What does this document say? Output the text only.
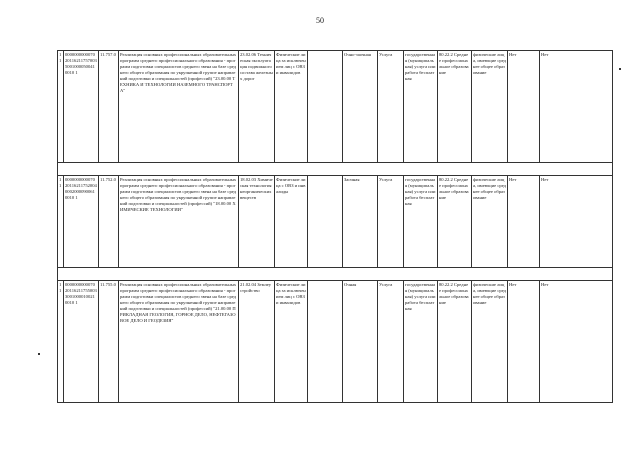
50
11	00000000000702011621175700350010000500410010 1	11.757.0	Реализация основных профессиональных образовательных программ среднего профессионального образования - программ подготовки специалистов среднего звена на базе среднего общего образования по укрупненной группе направлений подготовки и специальностей (профессий) "23.00.00 ТЕХНИКА И ТЕХНОЛОГИИ НАЗЕМНОГО ТРАНСПОРТА"	23.02.06 Техническая эксплуатация подвижного состава железных дорог	Физические лица за исключением лиц с ОВЗ и инвалидов		Очно-заочная	Услуга	государственная (муниципальная) услуга или работа бесплатная	80.22.2 Среднее профессиональное образование	физические лица, имеющие среднее общее образование	Нет	Нет

11	00000000000702011621175200400020000900610010 1	11.752.0	Реализация основных профессиональных образовательных программ среднего профессионального образования - программ подготовки специалистов среднего звена на базе среднего общего образования по укрупненной группе направлений подготовки и специальностей (профессий) "18.00.00 ХИМИЧЕСКИЕ ТЕХНОЛОГИИ"	18.02.03 Химическая технология неорганических веществ	Физические лица с ОВЗ и инвалиды		Заочная	Услуга	государственная (муниципальная) услуга или работа бесплатная	80.22.2 Среднее профессиональное образование	физические лица, имеющие среднее общее образование	Нет	Нет

11	00000000000702011621175500330010000100210010 1	11.755.0	Реализация основных профессиональных образовательных программ среднего профессионального образования - программ подготовки специалистов среднего звена на базе среднего общего образования по укрупненной группе направлений подготовки и специальностей (профессий) "21.00.00 ПРИКЛАДНАЯ ГЕОЛОГИЯ, ГОРНОЕ ДЕЛО, НЕФТЕГАЗОВОЕ ДЕЛО И ГЕОДЕЗИЯ"	21.02.04 Землеустройство	Физические лица за исключением лиц с ОВЗ и инвалидов		Очная	Услуга	государственная (муниципальная) услуга или работа бесплатная	80.22.2 Среднее профессиональное образование	физические лица, имеющие среднее общее образование	Нет	Нет
